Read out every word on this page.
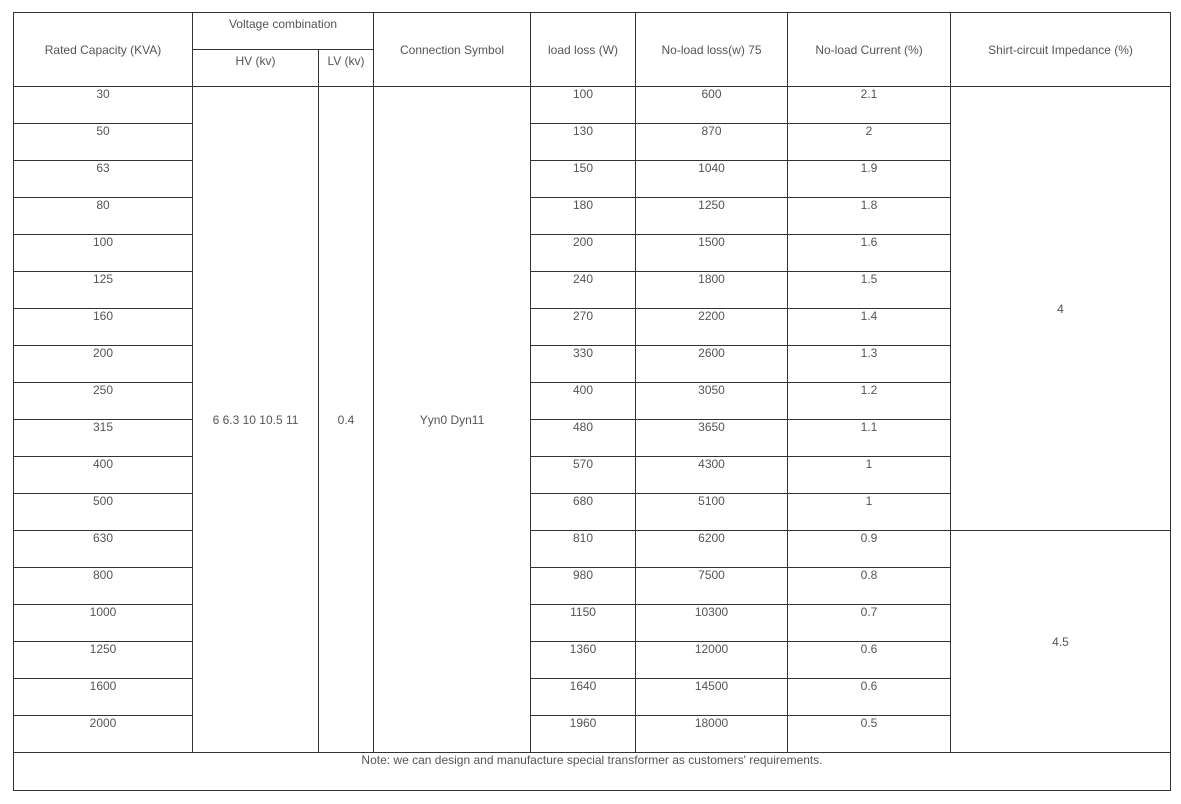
Rated Capacity (KVA)	Voltage combination		Connection Symbol	load loss (W)	No-load loss(w) 75	No-load Current (%)	Shirt-circuit Impedance (%)
	HV (kv)	LV (kv)					
30	6 6.3 10 10.5 11	0.4	Yyn0 Dyn11	100	600	2.1	4
50				130	870	2	
63				150	1040	1.9	
80				180	1250	1.8	
100				200	1500	1.6	
125				240	1800	1.5	
160				270	2200	1.4	
200				330	2600	1.3	
250				400	3050	1.2	
315				480	3650	1.1	
400				570	4300	1	
500				680	5100	1	
630				810	6200	0.9	4.5
800				980	7500	0.8	
1000				1150	10300	0.7	
1250				1360	12000	0.6	
1600				1640	14500	0.6	
2000				1960	18000	0.5	
Note: we can design and manufacture special transformer as customers' requirements.							
